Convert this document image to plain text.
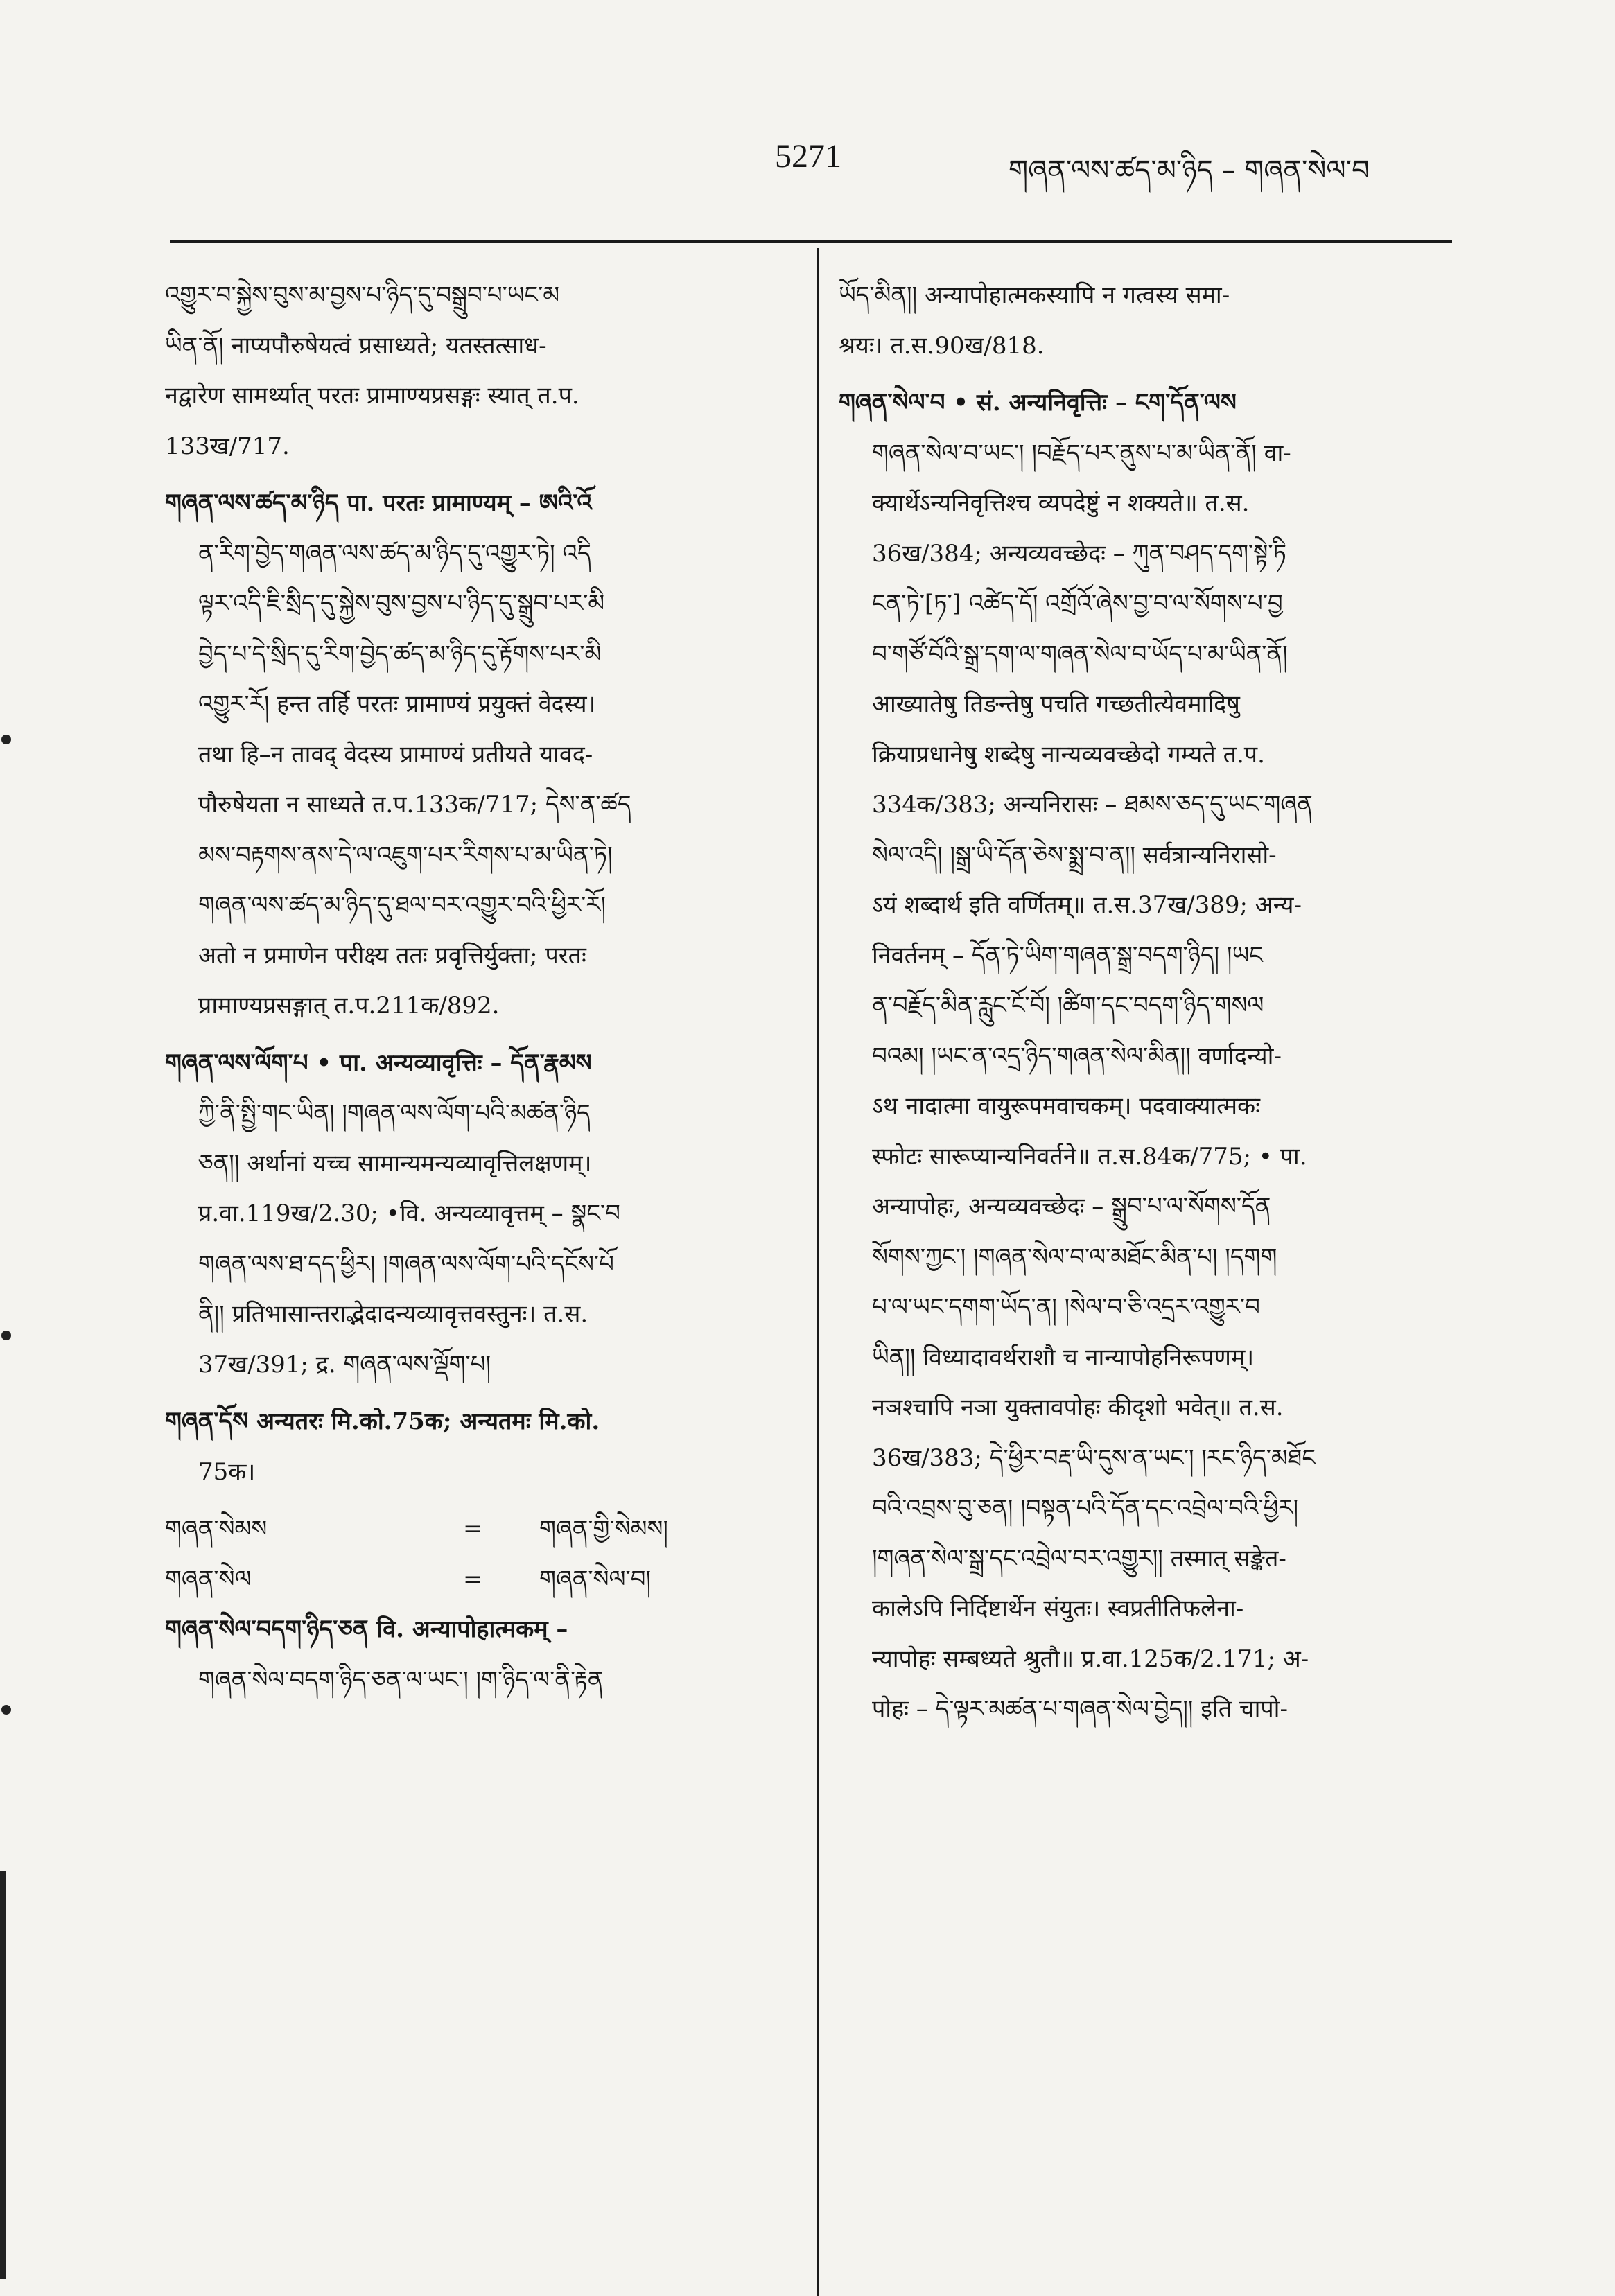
5271	གཞན་ལས་ཚད་མ་ཉིད – གཞན་སེལ་བ
འགྱུར་བ་སྐྱེས་བུས་མ་བྱས་པ་ཉིད་དུ་བསྒྲུབ་པ་ཡང་མ
ཡིན་ནོ། नाप्यपौरुषेयत्वं प्रसाध्यते; यतस्तत्साध-
नद्वारेण सामर्थ्यात् परतः प्रामाण्यप्रसङ्गः स्यात् त.प.
133ख/717.
གཞན་ལས་ཚད་མ་ཉིད पा. परतः प्रामाण्यम् – ཨའི་འོ
ན་རིག་བྱེད་གཞན་ལས་ཚད་མ་ཉིད་དུ་འགྱུར་ཏེ། འདི
ལྟར་འདི་ཇི་སྲིད་དུ་སྐྱེས་བུས་བྱས་པ་ཉིད་དུ་སྒྲུབ་པར་མི
བྱེད་པ་དེ་སྲིད་དུ་རིག་བྱེད་ཚད་མ་ཉིད་དུ་རྟོགས་པར་མི
འགྱུར་རོ། हन्त तर्हि परतः प्रामाण्यं प्रयुक्तं वेदस्य।
तथा हि–न तावद् वेदस्य प्रामाण्यं प्रतीयते यावद-
पौरुषेयता न साध्यते त.प.133क/717; དེས་ན་ཚད
མས་བརྟགས་ནས་དེ་ལ་འཇུག་པར་རིགས་པ་མ་ཡིན་ཏེ།
གཞན་ལས་ཚད་མ་ཉིད་དུ་ཐལ་བར་འགྱུར་བའི་ཕྱིར་རོ།
अतो न प्रमाणेन परीक्ष्य ततः प्रवृत्तिर्युक्ता; परतः
प्रामाण्यप्रसङ्गात् त.प.211क/892.
གཞན་ལས་ལོག་པ • पा. अन्यव्यावृत्तिः – དོན་རྣམས
ཀྱི་ནི་སྤྱི་གང་ཡིན། །གཞན་ལས་ལོག་པའི་མཚན་ཉིད
ཅན།། अर्थानां यच्च सामान्यमन्यव्यावृत्तिलक्षणम्।
प्र.वा.119ख/2.30; •वि. अन्यव्यावृत्तम् – སྣང་བ
གཞན་ལས་ཐ་དད་ཕྱིར། །གཞན་ལས་ལོག་པའི་དངོས་པོ
ནི།། प्रतिभासान्तराद्भेदादन्यव्यावृत्तवस्तुनः। त.स.
37ख/391; द्र. གཞན་ལས་ལྡོག་པ།
གཞན་དོས अन्यतरः मि.को.75क; अन्यतमः मि.को.
75क।
གཞན་སེམས	=	གཞན་གྱི་སེམས།
གཞན་སེལ	=	གཞན་སེལ་བ།
གཞན་སེལ་བདག་ཉིད་ཅན वि. अन्यापोहात्मकम् –
གཞན་སེལ་བདག་ཉིད་ཅན་ལ་ཡང་། །ག་ཉིད་ལ་ནི་རྟེན
ཡོད་མིན།། अन्यापोहात्मकस्यापि न गत्वस्य समा-
श्रयः। त.स.90ख/818.
གཞན་སེལ་བ • सं. अन्यनिवृत्तिः – ངག་དོན་ལས
གཞན་སེལ་བ་ཡང་། །བརྗོད་པར་ནུས་པ་མ་ཡིན་ནོ། वा-
क्यार्थेऽन्यनिवृत्तिश्च व्यपदेष्टुं न शक्यते॥ त.स.
36ख/384; अन्यव्यवच्छेदः – ཀུན་བཤད་དག་སྟེ་ཏི
ངན་ཏེ་[ཏ་] འཚེད་དོ། འགྲོའོ་ཞེས་བྱ་བ་ལ་སོགས་པ་བྱ
བ་གཙོ་བོའི་སྒྲ་དག་ལ་གཞན་སེལ་བ་ཡོད་པ་མ་ཡིན་ནོ།
आख्यातेषु तिङन्तेषु पचति गच्छतीत्येवमादिषु
क्रियाप्रधानेषु शब्देषु नान्यव्यवच्छेदो गम्यते त.प.
334क/383; अन्यनिरासः – ཐམས་ཅད་དུ་ཡང་གཞན
སེལ་འདི། །སྒྲ་ཡི་དོན་ཅེས་སྨྲ་བ་ན།། सर्वत्रान्यनिरासो-
ऽयं शब्दार्थ इति वर्णितम्॥ त.स.37ख/389; अन्य-
निवर्तनम् – དོན་ཏེ་ཡིག་གཞན་སྒྲ་བདག་ཉིད། །ཡང
ན་བརྗོད་མིན་རླུང་ངོ་བོ། །ཚིག་དང་བདག་ཉིད་གསལ
བའམ། །ཡང་ན་འདྲ་ཉིད་གཞན་སེལ་མིན།། वर्णादन्यो-
ऽथ नादात्मा वायुरूपमवाचकम्। पदवाक्यात्मकः
स्फोटः सारूप्यान्यनिवर्तने॥ त.स.84क/775; • पा.
अन्यापोहः, अन्यव्यवच्छेदः – སྒྲུབ་པ་ལ་སོགས་དོན
སོགས་ཀྱང་། །གཞན་སེལ་བ་ལ་མཐོང་མིན་པ། །དགག
པ་ལ་ཡང་དགག་ཡོད་ན། །སེལ་བ་ཅི་འདྲར་འགྱུར་བ
ཡིན།། विध्यादावर्थराशौ च नान्यापोहनिरूपणम्।
नञश्चापि नञा युक्तावपोहः कीदृशो भवेत्॥ त.स.
36ख/383; དེ་ཕྱིར་བརྡ་ཡི་དུས་ན་ཡང་། །རང་ཉིད་མཐོང
བའི་འབྲས་བུ་ཅན། །བསྟན་པའི་དོན་དང་འབྲེལ་བའི་ཕྱིར།
།གཞན་སེལ་སྒྲ་དང་འབྲེལ་བར་འགྱུར།། तस्मात् सङ्केत-
कालेऽपि निर्दिष्टार्थेन संयुतः। स्वप्रतीतिफलेना-
न्यापोहः सम्बध्यते श्रुतौ॥ प्र.वा.125क/2.171; अ-
पोहः – དེ་ལྟར་མཚན་པ་གཞན་སེལ་བྱེད།། इति चापो-
